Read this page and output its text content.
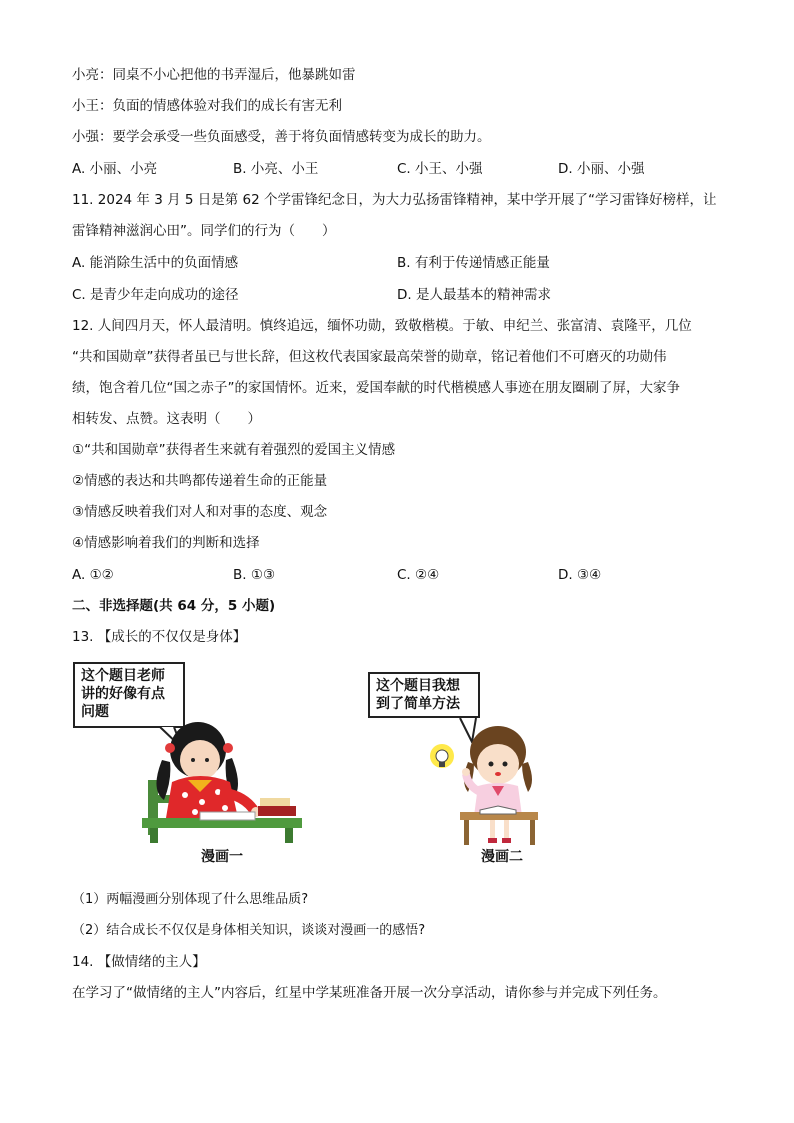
小亮：同桌不小心把他的书弄湿后，他暴跳如雷
小王：负面的情感体验对我们的成长有害无利
小强：要学会承受一些负面感受，善于将负面情感转变为成长的助力。
A. 小丽、小亮	B. 小亮、小王	C. 小王、小强	D. 小丽、小强
11. 2024 年 3 月 5 日是第 62 个学雷锋纪念日，为大力弘扬雷锋精神，某中学开展了“学习雷锋好榜样，让
雷锋精神滋润心田”。同学们的行为（　　）
A. 能消除生活中的负面情感	B. 有利于传递情感正能量
C. 是青少年走向成功的途径	D. 是人最基本的精神需求
12. 人间四月天，怀人最清明。慎终追远，缅怀功勋，致敬楷模。于敏、申纪兰、张富清、袁隆平，几位
“共和国勋章”获得者虽已与世长辞，但这枚代表国家最高荣誉的勋章，铭记着他们不可磨灭的功勋伟
绩，饱含着几位“国之赤子”的家国情怀。近来，爱国奉献的时代楷模感人事迹在朋友圈刷了屏，大家争
相转发、点赞。这表明（　　）
①“共和国勋章”获得者生来就有着强烈的爱国主义情感
②情感的表达和共鸣都传递着生命的正能量
③情感反映着我们对人和对事的态度、观念
④情感影响着我们的判断和选择
A. ①②	B. ①③	C. ②④	D. ③④
二、非选择题(共 64 分，5 小题)
13. 【成长的不仅仅是身体】
这个题目老师
讲的好像有点
问题
漫画一
这个题目我想
到了简单方法
漫画二
（1）两幅漫画分别体现了什么思维品质?
（2）结合成长不仅仅是身体相关知识，谈谈对漫画一的感悟?
14. 【做情绪的主人】
在学习了“做情绪的主人”内容后，红星中学某班准备开展一次分享活动，请你参与并完成下列任务。
